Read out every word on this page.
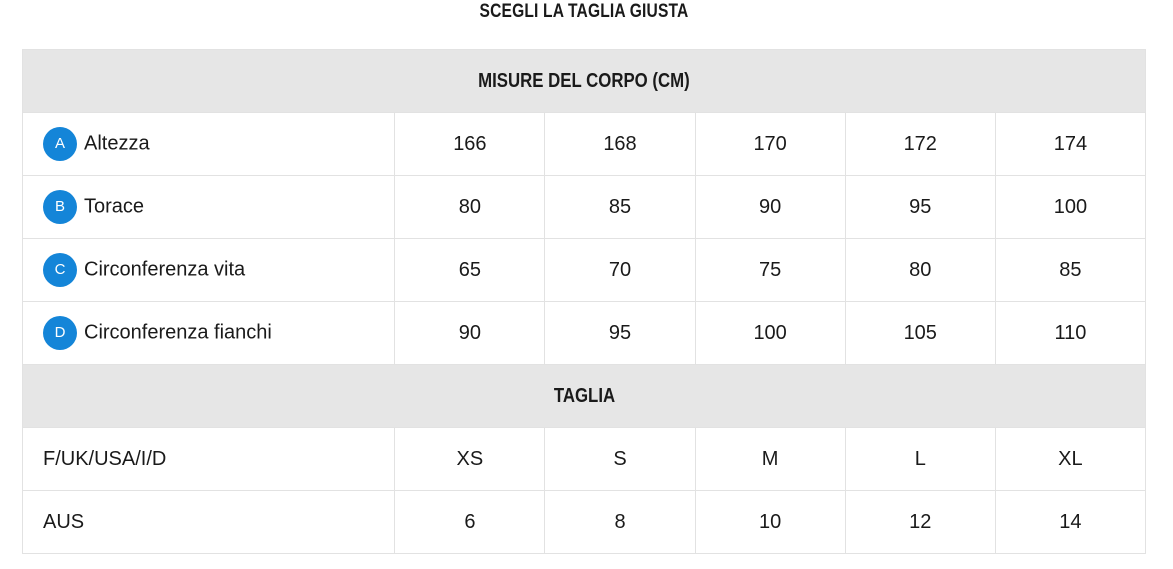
SCEGLI LA TAGLIA GIUSTA
MISURE DEL CORPO (CM)					
A Altezza	166	168	170	172	174
B Torace	80	85	90	95	100
C Circonferenza vita	65	70	75	80	85
D Circonferenza fianchi	90	95	100	105	110
TAGLIA					
F/UK/USA/I/D	XS	S	M	L	XL
AUS	6	8	10	12	14
